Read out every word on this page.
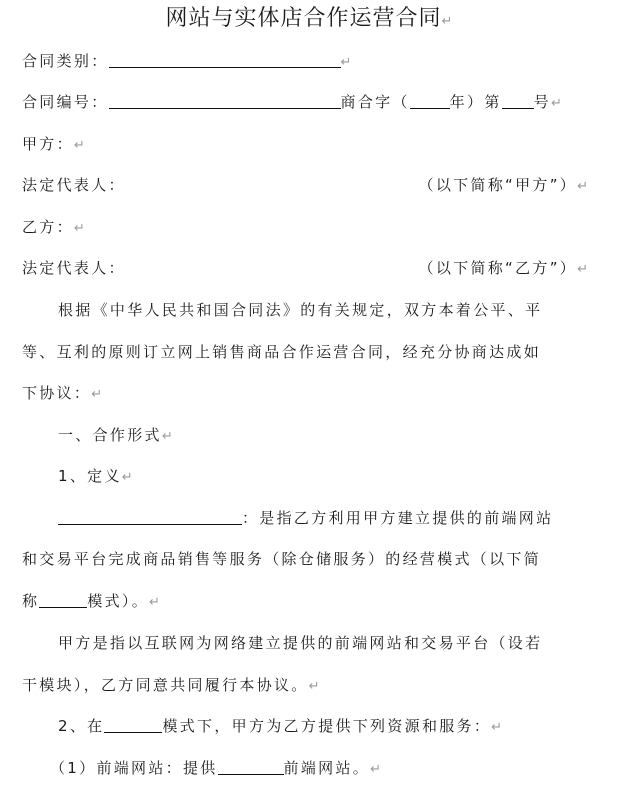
网站与实体店合作运营合同↵
合同类别：	↵
合同编号：	商合字（	年）第 号↵
甲方：↵
法定代表人：	（以下简称“甲方”）↵
乙方：↵
法定代表人：	（以下简称“乙方”）↵
根据《中华人民共和国合同法》的有关规定，双方本着公平、平
等、互利的原则订立网上销售商品合作运营合同，经充分协商达成如
下协议：↵
一、合作形式↵
1、定义↵
：是指乙方利用甲方建立提供的前端网站
和交易平台完成商品销售等服务（除仓储服务）的经营模式（以下简
称	模式）。↵
甲方是指以互联网为网络建立提供的前端网站和交易平台（设若
干模块），乙方同意共同履行本协议。↵
2、在	模式下，甲方为乙方提供下列资源和服务：↵
（1）前端网站：提供	前端网站。↵
